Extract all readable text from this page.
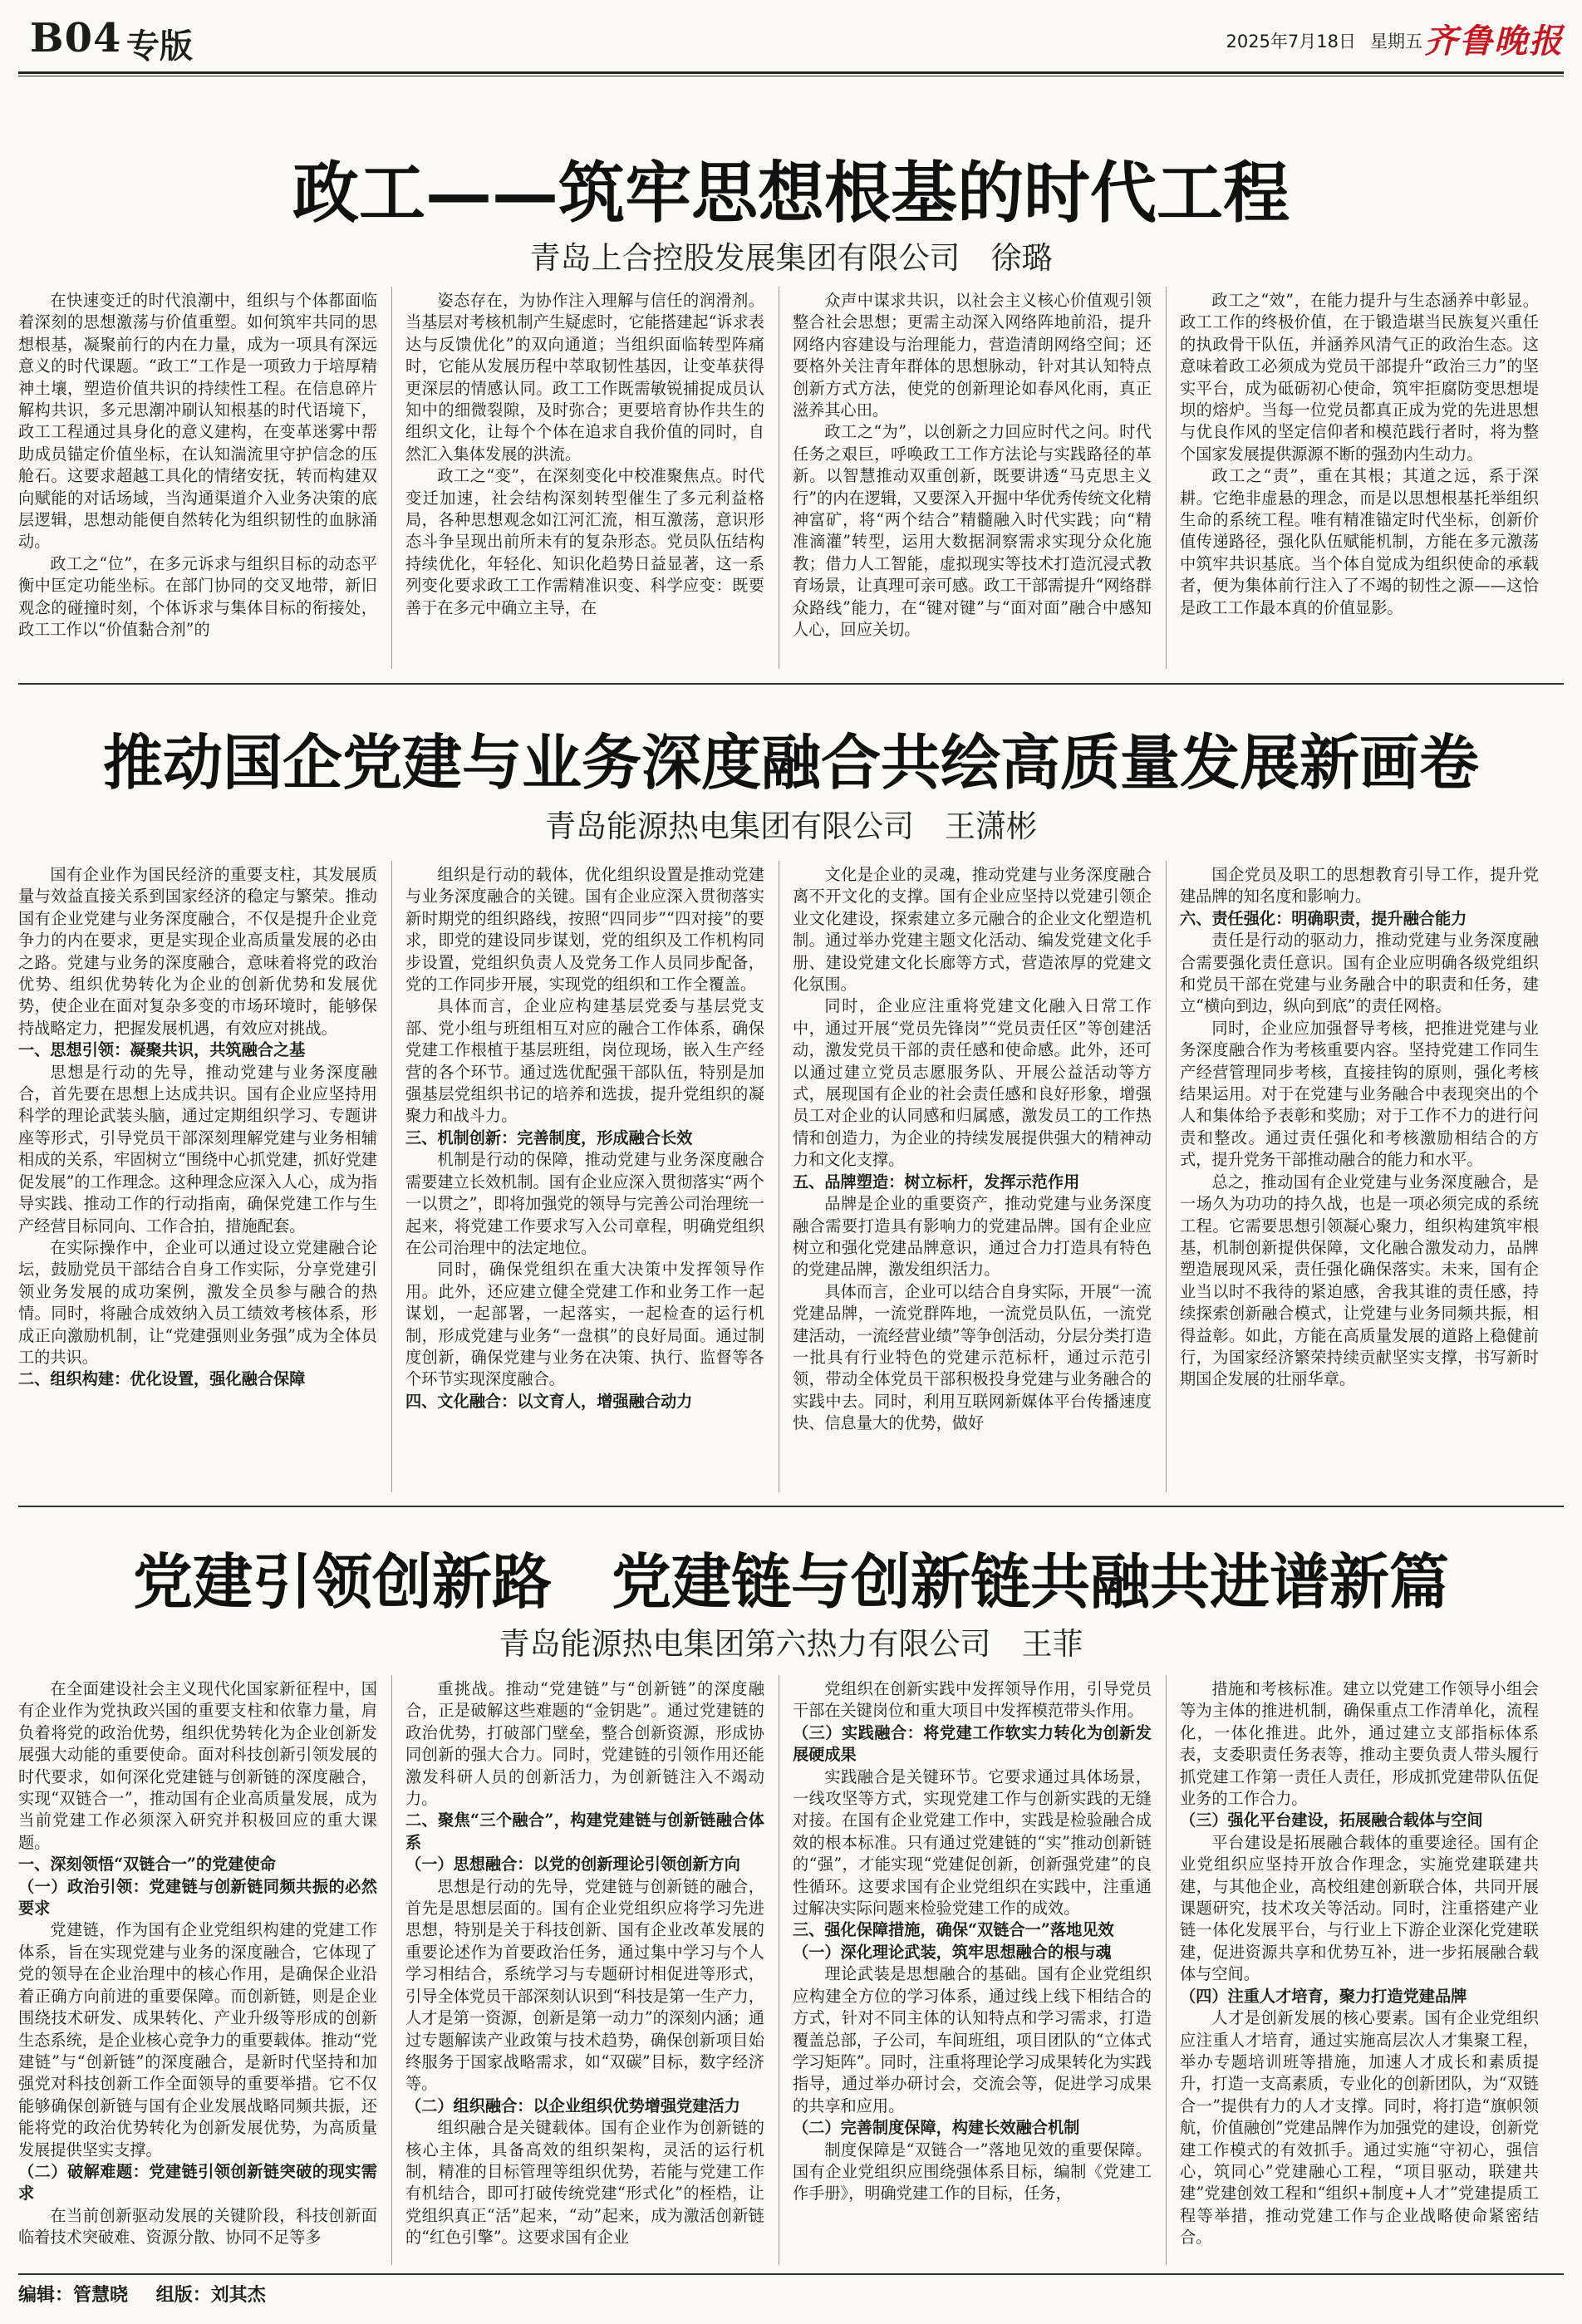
B04 专版	2025年7月18日 星期五 齐鲁晚报
政工——筑牢思想根基的时代工程
青岛上合控股发展集团有限公司　徐璐

在快速变迁的时代浪潮中，组织与个体都面临着深刻的思想激荡与价值重塑。如何筑牢共同的思想根基，凝聚前行的内在力量，成为一项具有深远意义的时代课题。“政工”工作是一项致力于培厚精神土壤，塑造价值共识的持续性工程。在信息碎片解构共识，多元思潮冲刷认知根基的时代语境下，政工工程通过具身化的意义建构，在变革迷雾中帮助成员锚定价值坐标，在认知湍流里守护信念的压舱石。这要求超越工具化的情绪安抚，转而构建双向赋能的对话场域，当沟通渠道介入业务决策的底层逻辑，思想动能便自然转化为组织韧性的血脉涌动。

政工之“位”，在多元诉求与组织目标的动态平衡中匡定功能坐标。在部门协同的交叉地带，新旧观念的碰撞时刻，个体诉求与集体目标的衔接处，政工工作以“价值黏合剂”的

姿态存在，为协作注入理解与信任的润滑剂。当基层对考核机制产生疑虑时，它能搭建起“诉求表达与反馈优化”的双向通道；当组织面临转型阵痛时，它能从发展历程中萃取韧性基因，让变革获得更深层的情感认同。政工工作既需敏锐捕捉成员认知中的细微裂隙，及时弥合；更要培育协作共生的组织文化，让每个个体在追求自我价值的同时，自然汇入集体发展的洪流。

政工之“变”，在深刻变化中校准聚焦点。时代变迁加速，社会结构深刻转型催生了多元利益格局，各种思想观念如江河汇流，相互激荡，意识形态斗争呈现出前所未有的复杂形态。党员队伍结构持续优化，年轻化、知识化趋势日益显著，这一系列变化要求政工工作需精准识变、科学应变：既要善于在多元中确立主导，在

众声中谋求共识，以社会主义核心价值观引领整合社会思想；更需主动深入网络阵地前沿，提升网络内容建设与治理能力，营造清朗网络空间；还要格外关注青年群体的思想脉动，针对其认知特点创新方式方法，使党的创新理论如春风化雨，真正滋养其心田。

政工之“为”，以创新之力回应时代之问。时代任务之艰巨，呼唤政工工作方法论与实践路径的革新。以智慧推动双重创新，既要讲透“马克思主义行”的内在逻辑，又要深入开掘中华优秀传统文化精神富矿，将“两个结合”精髓融入时代实践；向“精准滴灌”转型，运用大数据洞察需求实现分众化施教；借力人工智能，虚拟现实等技术打造沉浸式教育场景，让真理可亲可感。政工干部需提升“网络群众路线”能力，在“键对键”与“面对面”融合中感知人心，回应关切。

政工之“效”，在能力提升与生态涵养中彰显。政工工作的终极价值，在于锻造堪当民族复兴重任的执政骨干队伍，并涵养风清气正的政治生态。这意味着政工必须成为党员干部提升“政治三力”的坚实平台，成为砥砺初心使命，筑牢拒腐防变思想堤坝的熔炉。当每一位党员都真正成为党的先进思想与优良作风的坚定信仰者和模范践行者时，将为整个国家发展提供源源不断的强劲内生动力。

政工之“责”，重在其根；其道之远，系于深耕。它绝非虚悬的理念，而是以思想根基托举组织生命的系统工程。唯有精准锚定时代坐标，创新价值传递路径，强化队伍赋能机制，方能在多元激荡中筑牢共识基底。当个体自觉成为组织使命的承载者，便为集体前行注入了不竭的韧性之源——这恰是政工工作最本真的价值显影。

推动国企党建与业务深度融合共绘高质量发展新画卷
青岛能源热电集团有限公司　王潇彬

国有企业作为国民经济的重要支柱，其发展质量与效益直接关系到国家经济的稳定与繁荣。推动国有企业党建与业务深度融合，不仅是提升企业竞争力的内在要求，更是实现企业高质量发展的必由之路。党建与业务的深度融合，意味着将党的政治优势、组织优势转化为企业的创新优势和发展优势，使企业在面对复杂多变的市场环境时，能够保持战略定力，把握发展机遇，有效应对挑战。

一、思想引领：凝聚共识，共筑融合之基

思想是行动的先导，推动党建与业务深度融合，首先要在思想上达成共识。国有企业应坚持用科学的理论武装头脑，通过定期组织学习、专题讲座等形式，引导党员干部深刻理解党建与业务相辅相成的关系，牢固树立“围绕中心抓党建，抓好党建促发展”的工作理念。这种理念应深入人心，成为指导实践、推动工作的行动指南，确保党建工作与生产经营目标同向、工作合拍，措施配套。

在实际操作中，企业可以通过设立党建融合论坛，鼓励党员干部结合自身工作实际，分享党建引领业务发展的成功案例，激发全员参与融合的热情。同时，将融合成效纳入员工绩效考核体系，形成正向激励机制，让“党建强则业务强”成为全体员工的共识。

二、组织构建：优化设置，强化融合保障

组织是行动的载体，优化组织设置是推动党建与业务深度融合的关键。国有企业应深入贯彻落实新时期党的组织路线，按照“四同步”“四对接”的要求，即党的建设同步谋划，党的组织及工作机构同步设置，党组织负责人及党务工作人员同步配备，党的工作同步开展，实现党的组织和工作全覆盖。

具体而言，企业应构建基层党委与基层党支部、党小组与班组相互对应的融合工作体系，确保党建工作根植于基层班组，岗位现场，嵌入生产经营的各个环节。通过选优配强干部队伍，特别是加强基层党组织书记的培养和选拔，提升党组织的凝聚力和战斗力。

三、机制创新：完善制度，形成融合长效

机制是行动的保障，推动党建与业务深度融合需要建立长效机制。国有企业应深入贯彻落实“两个一以贯之”，即将加强党的领导与完善公司治理统一起来，将党建工作要求写入公司章程，明确党组织在公司治理中的法定地位。

同时，确保党组织在重大决策中发挥领导作用。此外，还应建立健全党建工作和业务工作一起谋划，一起部署，一起落实，一起检查的运行机制，形成党建与业务“一盘棋”的良好局面。通过制度创新，确保党建与业务在决策、执行、监督等各个环节实现深度融合。

四、文化融合：以文育人，增强融合动力

文化是企业的灵魂，推动党建与业务深度融合离不开文化的支撑。国有企业应坚持以党建引领企业文化建设，探索建立多元融合的企业文化塑造机制。通过举办党建主题文化活动、编发党建文化手册、建设党建文化长廊等方式，营造浓厚的党建文化氛围。

同时，企业应注重将党建文化融入日常工作中，通过开展“党员先锋岗”“党员责任区”等创建活动，激发党员干部的责任感和使命感。此外，还可以通过建立党员志愿服务队、开展公益活动等方式，展现国有企业的社会责任感和良好形象，增强员工对企业的认同感和归属感，激发员工的工作热情和创造力，为企业的持续发展提供强大的精神动力和文化支撑。

五、品牌塑造：树立标杆，发挥示范作用

品牌是企业的重要资产，推动党建与业务深度融合需要打造具有影响力的党建品牌。国有企业应树立和强化党建品牌意识，通过合力打造具有特色的党建品牌，激发组织活力。

具体而言，企业可以结合自身实际，开展“一流党建品牌，一流党群阵地，一流党员队伍，一流党建活动，一流经营业绩”等争创活动，分层分类打造一批具有行业特色的党建示范标杆，通过示范引领，带动全体党员干部积极投身党建与业务融合的实践中去。同时，利用互联网新媒体平台传播速度快、信息量大的优势，做好

国企党员及职工的思想教育引导工作，提升党建品牌的知名度和影响力。

六、责任强化：明确职责，提升融合能力

责任是行动的驱动力，推动党建与业务深度融合需要强化责任意识。国有企业应明确各级党组织和党员干部在党建与业务融合中的职责和任务，建立“横向到边，纵向到底”的责任网格。

同时，企业应加强督导考核，把推进党建与业务深度融合作为考核重要内容。坚持党建工作同生产经营管理同步考核，直接挂钩的原则，强化考核结果运用。对于在党建与业务融合中表现突出的个人和集体给予表彰和奖励；对于工作不力的进行问责和整改。通过责任强化和考核激励相结合的方式，提升党务干部推动融合的能力和水平。

总之，推动国有企业党建与业务深度融合，是一场久为功功的持久战，也是一项必须完成的系统工程。它需要思想引领凝心聚力，组织构建筑牢根基，机制创新提供保障，文化融合激发动力，品牌塑造展现风采，责任强化确保落实。未来，国有企业当以时不我待的紧迫感，舍我其谁的责任感，持续探索创新融合模式，让党建与业务同频共振，相得益彰。如此，方能在高质量发展的道路上稳健前行，为国家经济繁荣持续贡献坚实支撑，书写新时期国企发展的壮丽华章。

党建引领创新路　党建链与创新链共融共进谱新篇
青岛能源热电集团第六热力有限公司　王菲

在全面建设社会主义现代化国家新征程中，国有企业作为党执政兴国的重要支柱和依靠力量，肩负着将党的政治优势，组织优势转化为企业创新发展强大动能的重要使命。面对科技创新引领发展的时代要求，如何深化党建链与创新链的深度融合，实现“双链合一”，推动国有企业高质量发展，成为当前党建工作必须深入研究并积极回应的重大课题。

一、深刻领悟“双链合一”的党建使命

（一）政治引领：党建链与创新链同频共振的必然要求

党建链，作为国有企业党组织构建的党建工作体系，旨在实现党建与业务的深度融合，它体现了党的领导在企业治理中的核心作用，是确保企业沿着正确方向前进的重要保障。而创新链，则是企业围绕技术研发、成果转化、产业升级等形成的创新生态系统，是企业核心竞争力的重要载体。推动“党建链”与“创新链”的深度融合，是新时代坚持和加强党对科技创新工作全面领导的重要举措。它不仅能够确保创新链与国有企业发展战略同频共振，还能将党的政治优势转化为创新发展优势，为高质量发展提供坚实支撑。

（二）破解难题：党建链引领创新链突破的现实需求

在当前创新驱动发展的关键阶段，科技创新面临着技术突破难、资源分散、协同不足等多

重挑战。推动“党建链”与“创新链”的深度融合，正是破解这些难题的“金钥匙”。通过党建链的政治优势，打破部门壁垒，整合创新资源，形成协同创新的强大合力。同时，党建链的引领作用还能激发科研人员的创新活力，为创新链注入不竭动力。

二、聚焦“三个融合”，构建党建链与创新链融合体系

（一）思想融合：以党的创新理论引领创新方向

思想是行动的先导，党建链与创新链的融合，首先是思想层面的。国有企业党组织应将学习先进思想，特别是关于科技创新、国有企业改革发展的重要论述作为首要政治任务，通过集中学习与个人学习相结合，系统学习与专题研讨相促进等形式，引导全体党员干部深刻认识到“科技是第一生产力，人才是第一资源，创新是第一动力”的深刻内涵；通过专题解读产业政策与技术趋势，确保创新项目始终服务于国家战略需求，如“双碳”目标，数字经济等。

（二）组织融合：以企业组织优势增强党建活力

组织融合是关键载体。国有企业作为创新链的核心主体，具备高效的组织架构，灵活的运行机制，精准的目标管理等组织优势，若能与党建工作有机结合，即可打破传统党建“形式化”的桎梏，让党组织真正“活”起来，“动”起来，成为激活创新链的“红色引擎”。这要求国有企业

党组织在创新实践中发挥领导作用，引导党员干部在关键岗位和重大项目中发挥模范带头作用。

（三）实践融合：将党建工作软实力转化为创新发展硬成果

实践融合是关键环节。它要求通过具体场景，一线攻坚等方式，实现党建工作与创新实践的无缝对接。在国有企业党建工作中，实践是检验融合成效的根本标准。只有通过党建链的“实”推动创新链的“强”，才能实现“党建促创新，创新强党建”的良性循环。这要求国有企业党组织在实践中，注重通过解决实际问题来检验党建工作的成效。

三、强化保障措施，确保“双链合一”落地见效

（一）深化理论武装，筑牢思想融合的根与魂

理论武装是思想融合的基础。国有企业党组织应构建全方位的学习体系，通过线上线下相结合的方式，针对不同主体的认知特点和学习需求，打造覆盖总部，子公司，车间班组，项目团队的“立体式学习矩阵”。同时，注重将理论学习成果转化为实践指导，通过举办研讨会，交流会等，促进学习成果的共享和应用。

（二）完善制度保障，构建长效融合机制

制度保障是“双链合一”落地见效的重要保障。国有企业党组织应围绕强体系目标，编制《党建工作手册》，明确党建工作的目标，任务，

措施和考核标准。建立以党建工作领导小组会等为主体的推进机制，确保重点工作清单化，流程化，一体化推进。此外，通过建立支部指标体系表，支委职责任务表等，推动主要负责人带头履行抓党建工作第一责任人责任，形成抓党建带队伍促业务的工作合力。

（三）强化平台建设，拓展融合载体与空间

平台建设是拓展融合载体的重要途径。国有企业党组织应坚持开放合作理念，实施党建联建共建，与其他企业，高校组建创新联合体，共同开展课题研究，技术攻关等活动。同时，注重搭建产业链一体化发展平台，与行业上下游企业深化党建联建，促进资源共享和优势互补，进一步拓展融合载体与空间。

（四）注重人才培育，聚力打造党建品牌

人才是创新发展的核心要素。国有企业党组织应注重人才培育，通过实施高层次人才集聚工程，举办专题培训班等措施，加速人才成长和素质提升，打造一支高素质，专业化的创新团队，为“双链合一”提供有力的人才支撑。同时，将打造“旗帜领航，价值融创”党建品牌作为加强党的建设，创新党建工作模式的有效抓手。通过实施“守初心，强信心，筑同心”党建融心工程，“项目驱动，联建共建”党建创效工程和“组织+制度+人才”党建提质工程等举措，推动党建工作与企业战略使命紧密结合。

编辑：管慧晓 组版：刘其杰
